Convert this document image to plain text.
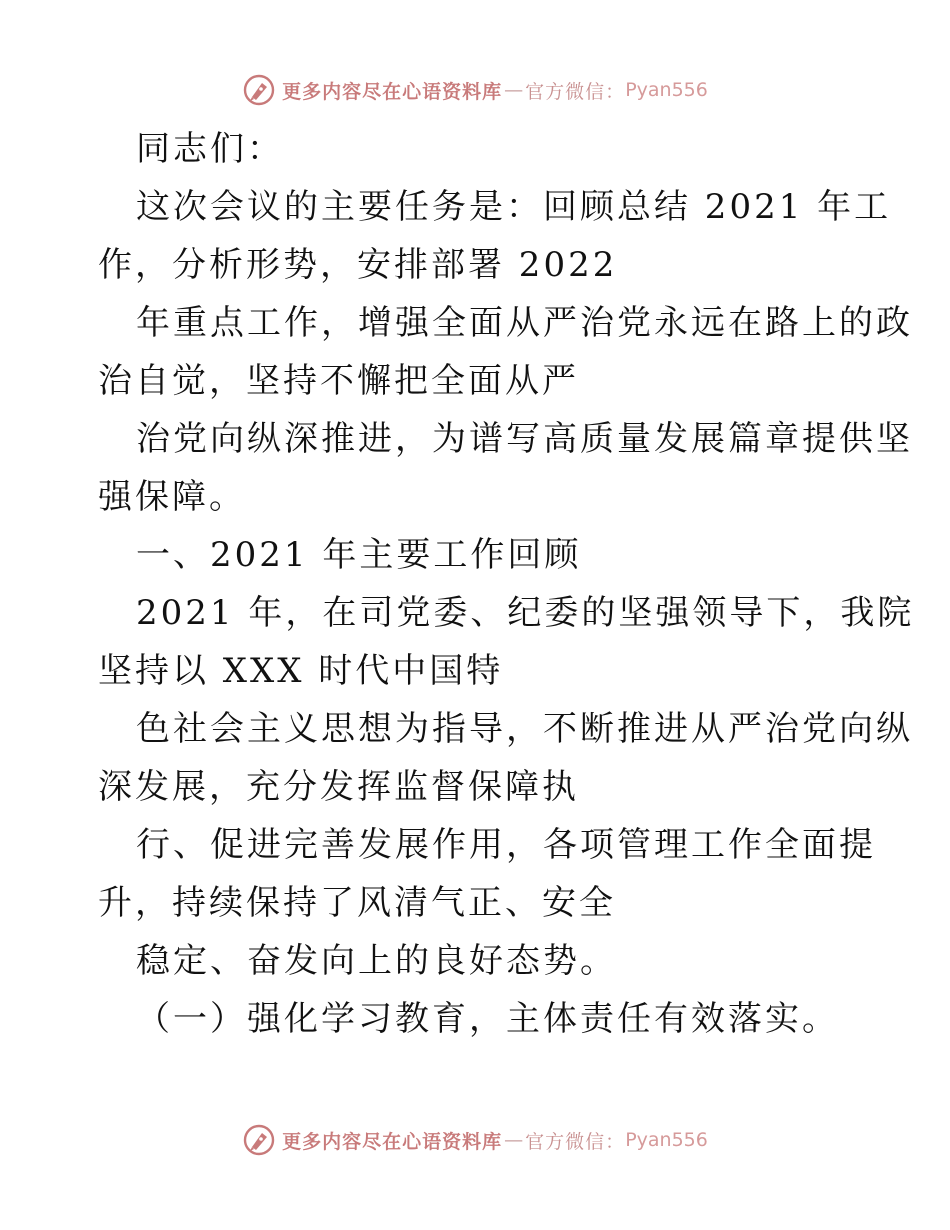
更多内容尽在心语资料库 — 官方微信： Pyan556
同志们：
这次会议的主要任务是：回顾总结 2021 年工
作，分析形势，安排部署 2022
年重点工作，增强全面从严治党永远在路上的政
治自觉，坚持不懈把全面从严
治党向纵深推进，为谱写高质量发展篇章提供坚
强保障。
一、2021 年主要工作回顾
2021 年，在司党委、纪委的坚强领导下，我院
坚持以 XXX 时代中国特
色社会主义思想为指导，不断推进从严治党向纵
深发展，充分发挥监督保障执
行、促进完善发展作用，各项管理工作全面提
升，持续保持了风清气正、安全
稳定、奋发向上的良好态势。
（一）强化学习教育，主体责任有效落实。
更多内容尽在心语资料库 — 官方微信： Pyan556
